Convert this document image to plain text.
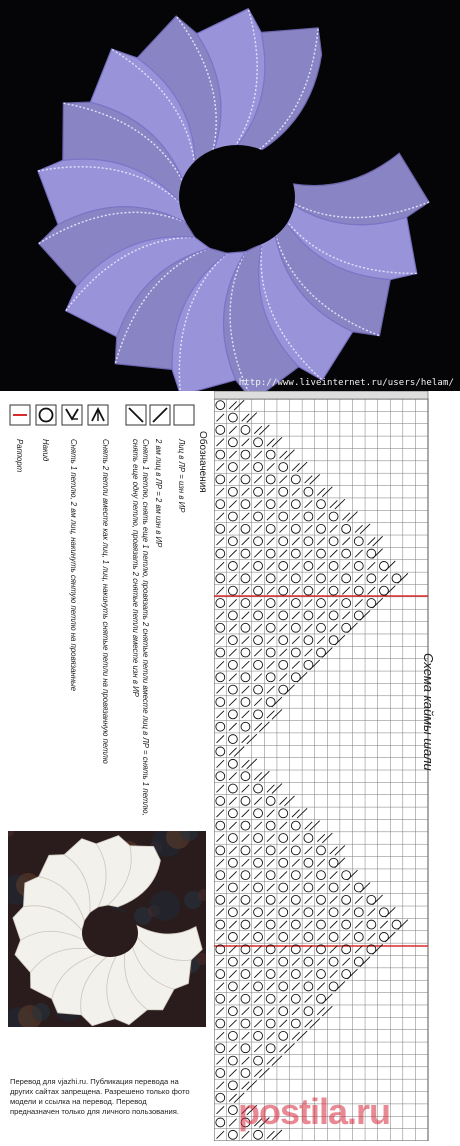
http://www.liveinternet.ru/users/helam/
Обозначения
Лиц в ЛР = изн в ИР
2 вм лиц в ЛР = 2 вм изн в ИР
Снять 1 петлю, снять еще 1 петлю, провязать 2 снятые петли вместе лиц в ЛР = снять 1 петлю, снять еще одну петлю, провязать 2 снятые петли вместе изн в ИР
Снять 2 петли вместе как лиц, 1 лиц, накинуть снятые петли на провязанную петлю
Снять 1 петлю, 2 вм лиц, накинуть сянтую петлю на провязанные
Накид
Раппорт
Перевод для vjazhi.ru. Публикация перевода на
других сайтах запрещена. Разрешено только фото
модели и ссылка на перевод. Перевод
предназначен только для личного пользования.
Схема каймы шали
postila.ru
